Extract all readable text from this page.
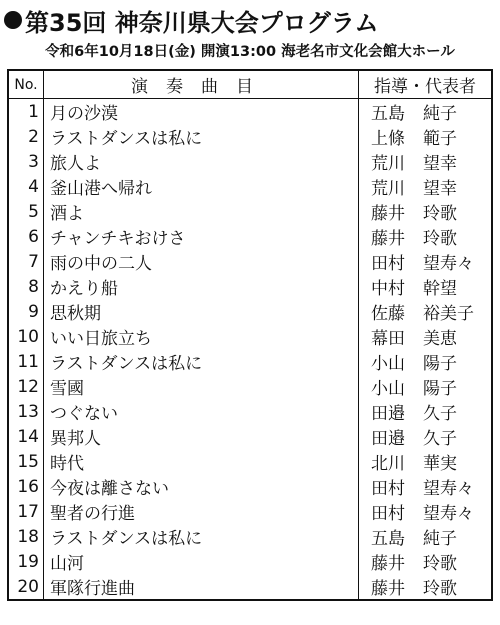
第35回 神奈川県大会プログラム
令和6年10月18日(金) 開演13:00 海老名市文化会館大ホール
No.	演奏曲目	指導・代表者
1	月の沙漠	五島 純子
2	ラストダンスは私に	上條 範子
3	旅人よ	荒川 望幸
4	釜山港へ帰れ	荒川 望幸
5	酒よ	藤井 玲歌
6	チャンチキおけさ	藤井 玲歌
7	雨の中の二人	田村 望寿々
8	かえり船	中村 幹望
9	思秋期	佐藤 裕美子
10	いい日旅立ち	幕田 美恵
11	ラストダンスは私に	小山 陽子
12	雪國	小山 陽子
13	つぐない	田邉 久子
14	異邦人	田邉 久子
15	時代	北川 華実
16	今夜は離さない	田村 望寿々
17	聖者の行進	田村 望寿々
18	ラストダンスは私に	五島 純子
19	山河	藤井 玲歌
20	軍隊行進曲	藤井 玲歌
